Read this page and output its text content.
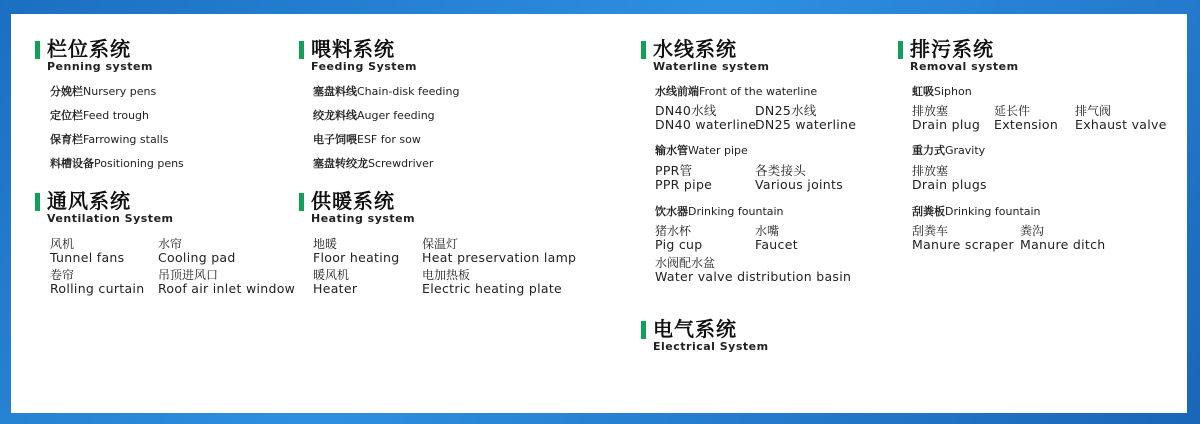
栏位系统
Penning system
分娩栏Nursery pens
定位栏Feed trough
保育栏Farrowing stalls
料槽设备Positioning pens
喂料系统
Feeding System
塞盘料线Chain-disk feeding
绞龙料线Auger feeding
电子饲喂ESF for sow
塞盘转绞龙Screwdriver
通风系统
Ventilation System
风机
Tunnel fans
水帘
Cooling pad
卷帘
Rolling curtain
吊顶进风口
Roof air inlet window
供暖系统
Heating system
地暖
Floor heating
保温灯
Heat preservation lamp
暖风机
Heater
电加热板
Electric heating plate
水线系统
Waterline system
水线前端Front of the waterline
DN40水线
DN40 waterline
DN25水线
DN25 waterline
输水管Water pipe
PPR管
PPR pipe
各类接头
Various joints
饮水器Drinking fountain
猪水杯
Pig cup
水嘴
Faucet
水阀配水盆
Water valve distribution basin
排污系统
Removal system
虹吸Siphon
排放塞
Drain plug
延长件
Extension
排气阀
Exhaust valve
重力式Gravity
排放塞
Drain plugs
刮粪板Drinking fountain
刮粪车
Manure scraper
粪沟
Manure ditch
电气系统
Electrical System
